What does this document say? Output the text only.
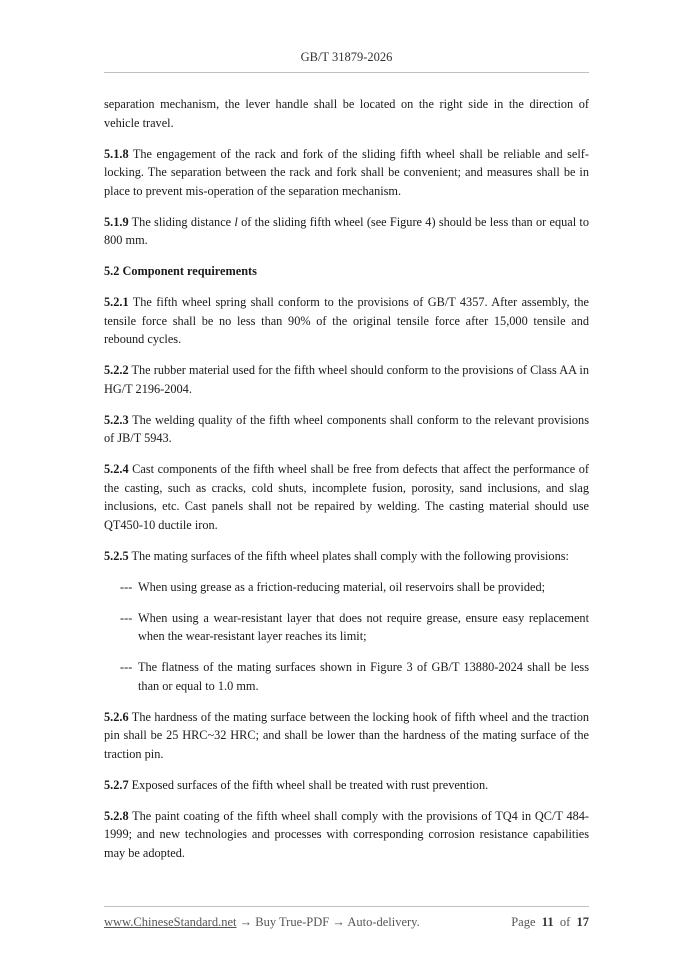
GB/T 31879-2026

separation mechanism, the lever handle shall be located on the right side in the direction of vehicle travel.

5.1.8 The engagement of the rack and fork of the sliding fifth wheel shall be reliable and self-locking. The separation between the rack and fork shall be convenient; and measures shall be in place to prevent mis-operation of the separation mechanism.

5.1.9 The sliding distance l of the sliding fifth wheel (see Figure 4) should be less than or equal to 800 mm.

5.2 Component requirements

5.2.1 The fifth wheel spring shall conform to the provisions of GB/T 4357. After assembly, the tensile force shall be no less than 90% of the original tensile force after 15,000 tensile and rebound cycles.

5.2.2 The rubber material used for the fifth wheel should conform to the provisions of Class AA in HG/T 2196-2004.

5.2.3 The welding quality of the fifth wheel components shall conform to the relevant provisions of JB/T 5943.

5.2.4 Cast components of the fifth wheel shall be free from defects that affect the performance of the casting, such as cracks, cold shuts, incomplete fusion, porosity, sand inclusions, and slag inclusions, etc. Cast panels shall not be repaired by welding. The casting material should use QT450-10 ductile iron.

5.2.5 The mating surfaces of the fifth wheel plates shall comply with the following provisions:

--- When using grease as a friction-reducing material, oil reservoirs shall be provided;
--- When using a wear-resistant layer that does not require grease, ensure easy replacement when the wear-resistant layer reaches its limit;
--- The flatness of the mating surfaces shown in Figure 3 of GB/T 13880-2024 shall be less than or equal to 1.0 mm.

5.2.6 The hardness of the mating surface between the locking hook of fifth wheel and the traction pin shall be 25 HRC~32 HRC; and shall be lower than the hardness of the mating surface of the traction pin.

5.2.7 Exposed surfaces of the fifth wheel shall be treated with rust prevention.

5.2.8 The paint coating of the fifth wheel shall comply with the provisions of TQ4 in QC/T 484-1999; and new technologies and processes with corresponding corrosion resistance capabilities may be adopted.

www.ChineseStandard.net → Buy True-PDF → Auto-delivery.	Page 11 of 17
